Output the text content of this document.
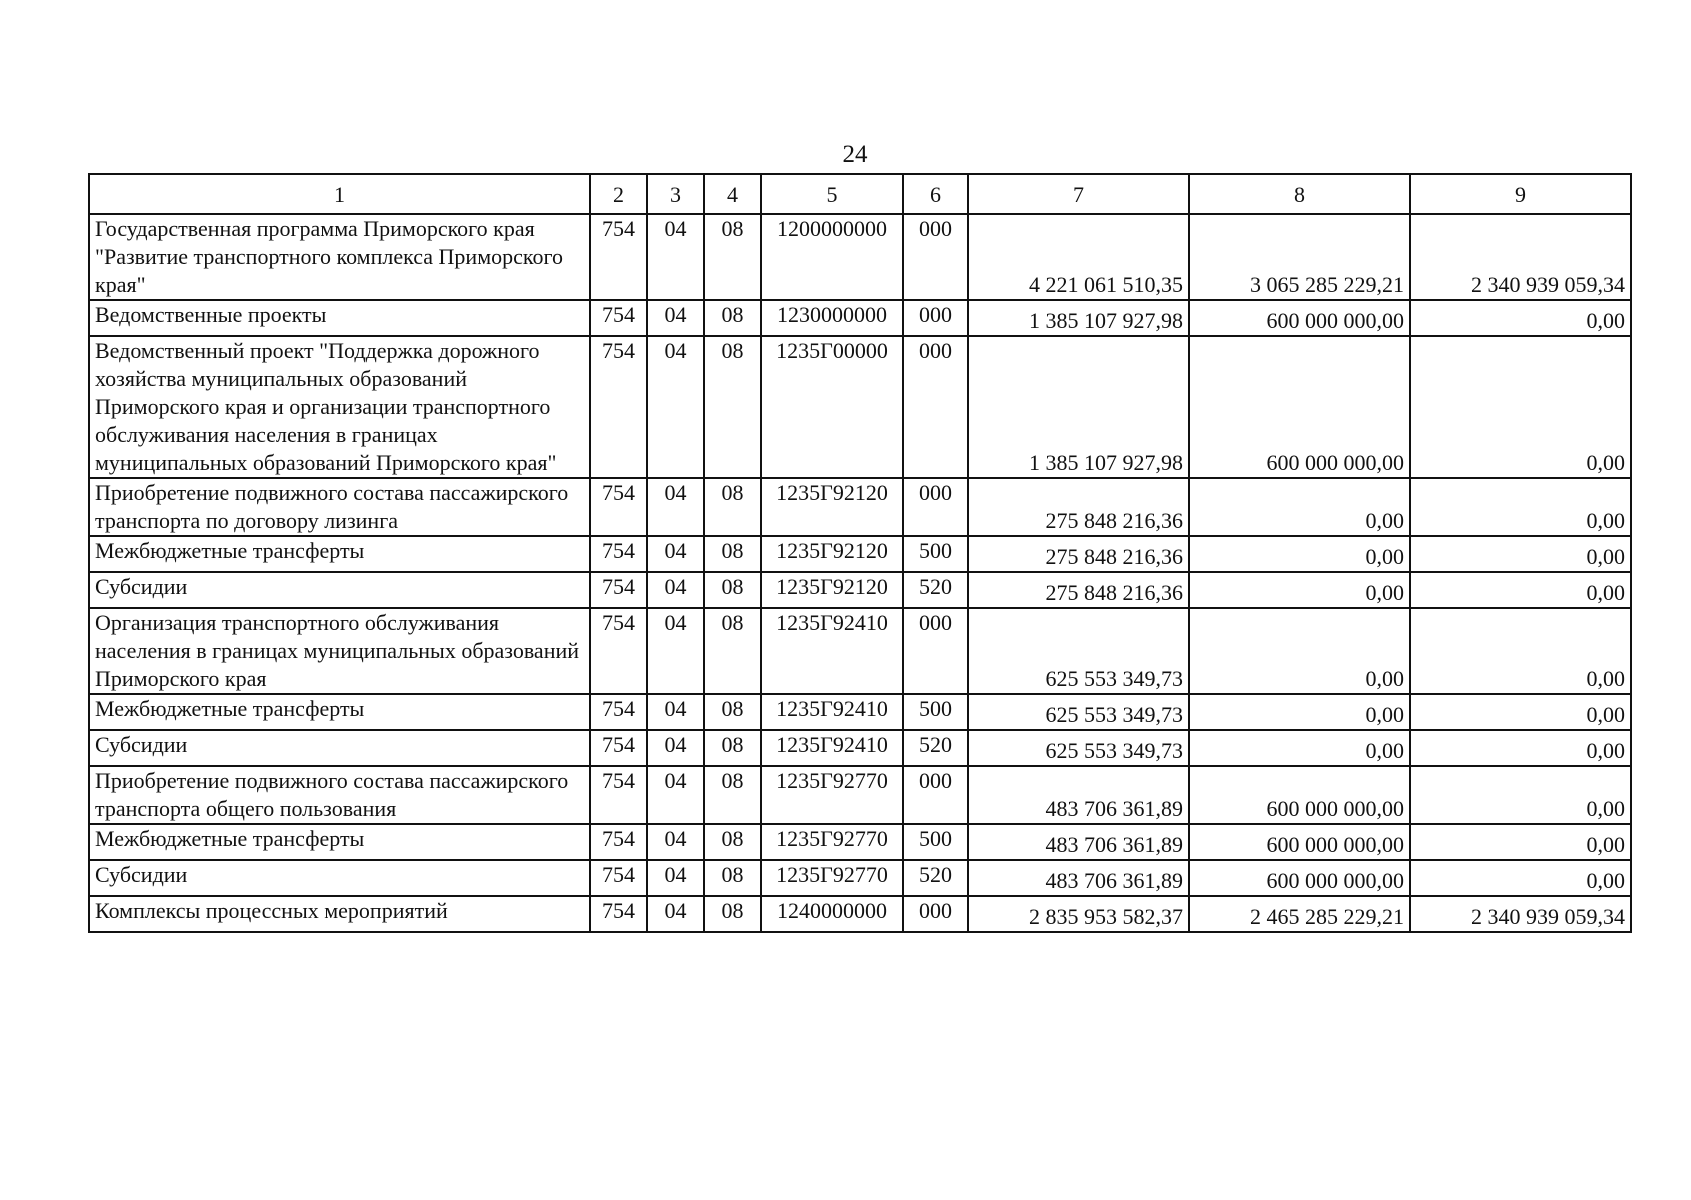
24
1	2	3	4	5	6	7	8	9
Государственная программа Приморского края "Развитие транспортного комплекса Приморского края"	754	04	08	1200000000	000	4 221 061 510,35	3 065 285 229,21	2 340 939 059,34
Ведомственные проекты	754	04	08	1230000000	000	1 385 107 927,98	600 000 000,00	0,00
Ведомственный проект "Поддержка дорожного хозяйства муниципальных образований Приморского края и организации транспортного обслуживания населения в границах муниципальных образований Приморского края"	754	04	08	1235Г00000	000	1 385 107 927,98	600 000 000,00	0,00
Приобретение подвижного состава пассажирского транспорта по договору лизинга	754	04	08	1235Г92120	000	275 848 216,36	0,00	0,00
Межбюджетные трансферты	754	04	08	1235Г92120	500	275 848 216,36	0,00	0,00
Субсидии	754	04	08	1235Г92120	520	275 848 216,36	0,00	0,00
Организация транспортного обслуживания населения в границах муниципальных образований Приморского края	754	04	08	1235Г92410	000	625 553 349,73	0,00	0,00
Межбюджетные трансферты	754	04	08	1235Г92410	500	625 553 349,73	0,00	0,00
Субсидии	754	04	08	1235Г92410	520	625 553 349,73	0,00	0,00
Приобретение подвижного состава пассажирского транспорта общего пользования	754	04	08	1235Г92770	000	483 706 361,89	600 000 000,00	0,00
Межбюджетные трансферты	754	04	08	1235Г92770	500	483 706 361,89	600 000 000,00	0,00
Субсидии	754	04	08	1235Г92770	520	483 706 361,89	600 000 000,00	0,00
Комплексы процессных мероприятий	754	04	08	1240000000	000	2 835 953 582,37	2 465 285 229,21	2 340 939 059,34
